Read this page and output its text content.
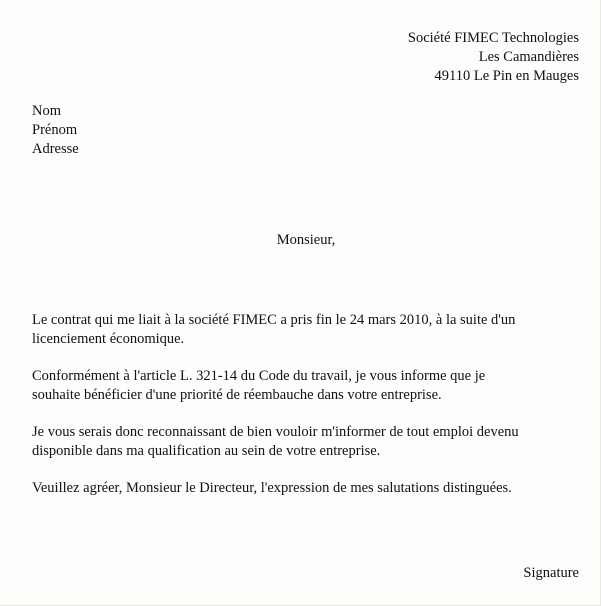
Société FIMEC Technologies
Les Camandières
49110 Le Pin en Mauges
Nom
Prénom
Adresse
Monsieur,

Le contrat qui me liait à la société FIMEC a pris fin le 24 mars 2010, à la suite d'un
licenciement économique.

Conformément à l'article L. 321-14 du Code du travail, je vous informe que je
souhaite bénéficier d'une priorité de réembauche dans votre entreprise.

Je vous serais donc reconnaissant de bien vouloir m'informer de tout emploi devenu
disponible dans ma qualification au sein de votre entreprise.

Veuillez agréer, Monsieur le Directeur, l'expression de mes salutations distinguées.

Signature
